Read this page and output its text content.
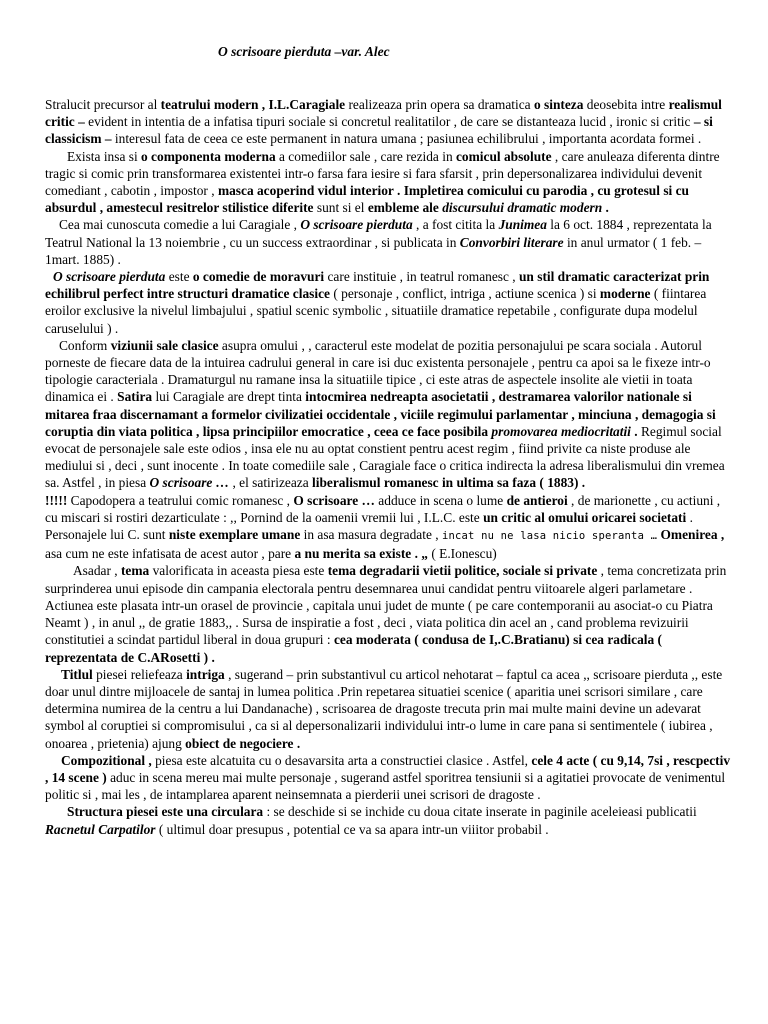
O scrisoare pierduta –var. Alec

Stralucit precursor al teatrului modern , I.L.Caragiale realizeaza prin opera sa dramatica o sinteza deosebita intre realismul critic – evident in intentia de a infatisa tipuri sociale si concretul realitatilor , de care se distanteaza lucid , ironic si critic – si classicism – interesul fata de ceea ce este permanent in natura umana ; pasiunea echilibrului , importanta acordata formei .

Exista insa si o componenta moderna a comediilor sale , care rezida in comicul absolute , care anuleaza diferenta dintre tragic si comic prin transformarea existentei intr-o farsa fara iesire si fara sfarsit , prin depersonalizarea individului devenit comediant , cabotin , impostor , masca acoperind vidul interior . Impletirea comicului cu parodia , cu grotesul si cu absurdul , amestecul resitrelor stilistice diferite sunt si el embleme ale discursului dramatic modern .

Cea mai cunoscuta comedie a lui Caragiale , O scrisoare pierduta , a fost citita la Junimea la 6 oct. 1884 , reprezentata la Teatrul National la 13 noiembrie , cu un success extraordinar , si publicata in Convorbiri literare in anul urmator ( 1 feb. – 1mart. 1885) .

O scrisoare pierduta este o comedie de moravuri care instituie , in teatrul romanesc , un stil dramatic caracterizat prin echilibrul perfect intre structuri dramatice clasice ( personaje , conflict, intriga , actiune scenica ) si moderne ( fiintarea eroilor exclusive la nivelul limbajului , spatiul scenic symbolic , situatiile dramatice repetabile , configurate dupa modelul caruselului ) .

Conform viziunii sale clasice asupra omului , , caracterul este modelat de pozitia personajului pe scara sociala . Autorul porneste de fiecare data de la intuirea cadrului general in care isi duc existenta personajele , pentru ca apoi sa le fixeze intr-o tipologie caracteriala . Dramaturgul nu ramane insa la situatiile tipice , ci este atras de aspectele insolite ale vietii in toata dinamica ei . Satira lui Caragiale are drept tinta intocmirea nedreapta asocietatii , destramarea valorilor nationale si mitarea fraa discernamant a formelor civilizatiei occidentale , viciile regimului parlamentar , minciuna , demagogia si coruptia din viata politica , lipsa principiilor emocratice , ceea ce face posibila promovarea mediocritatii . Regimul social evocat de personajele sale este odios , insa ele nu au optat constient pentru acest regim , fiind privite ca niste produse ale mediului si , deci , sunt inocente . In toate comediile sale , Caragiale face o critica indirecta la adresa liberalismului din vremea sa. Astfel , in piesa O scrisoare … , el satirizeaza liberalismul romanesc in ultima sa faza ( 1883) .

!!!!! Capodopera a teatrului comic romanesc , O scrisoare … adduce in scena o lume de antieroi , de marionette , cu actiuni , cu miscari si rostiri dezarticulate : ,, Pornind de la oamenii vremii lui , I.L.C. este un critic al omului oricarei societati . Personajele lui C. sunt niste exemplare umane in asa masura degradate , incat nu ne lasa nicio speranta … Omenirea , asa cum ne este infatisata de acest autor , pare a nu merita sa existe . „ ( E.Ionescu)

Asadar , tema valorificata in aceasta piesa este tema degradarii vietii politice, sociale si private , tema concretizata prin surprinderea unui episode din campania electorala pentru desemnarea unui candidat pentru viitoarele algeri parlametare . Actiunea este plasata intr-un orasel de provincie , capitala unui judet de munte ( pe care contemporanii au asociat-o cu Piatra Neamt ) , in anul ,, de gratie 1883,, . Sursa de inspiratie a fost , deci , viata politica din acel an , cand problema revizuirii constitutiei a scindat partidul liberal in doua grupuri : cea moderata ( condusa de I,.C.Bratianu) si cea radicala ( reprezentata de C.ARosetti ) .

Titlul piesei reliefeaza intriga , sugerand – prin substantivul cu articol nehotarat – faptul ca acea ,, scrisoare pierduta ,, este doar unul dintre mijloacele de santaj in lumea politica .Prin repetarea situatiei scenice ( aparitia unei scrisori similare , care determina numirea de la centru a lui Dandanache) , scrisoarea de dragoste trecuta prin mai multe maini devine un adevarat symbol al coruptiei si compromisului , ca si al depersonalizarii individului intr-o lume in care pana si sentimentele ( iubirea , onoarea , prietenia) ajung obiect de negociere .

Compozitional , piesa este alcatuita cu o desavarsita arta a constructiei clasice . Astfel, cele 4 acte ( cu 9,14, 7si , rescpectiv , 14 scene ) aduc in scena mereu mai multe personaje , sugerand astfel sporitrea tensiunii si a agitatiei provocate de venimentul politic si , mai les , de intamplarea aparent neinsemnata a pierderii unei scrisori de dragoste .

Structura piesei este una circulara : se deschide si se inchide cu doua citate inserate in paginile aceleieasi publicatii Racnetul Carpatilor ( ultimul doar presupus , potential ce va sa apara intr-un viiitor probabil .
